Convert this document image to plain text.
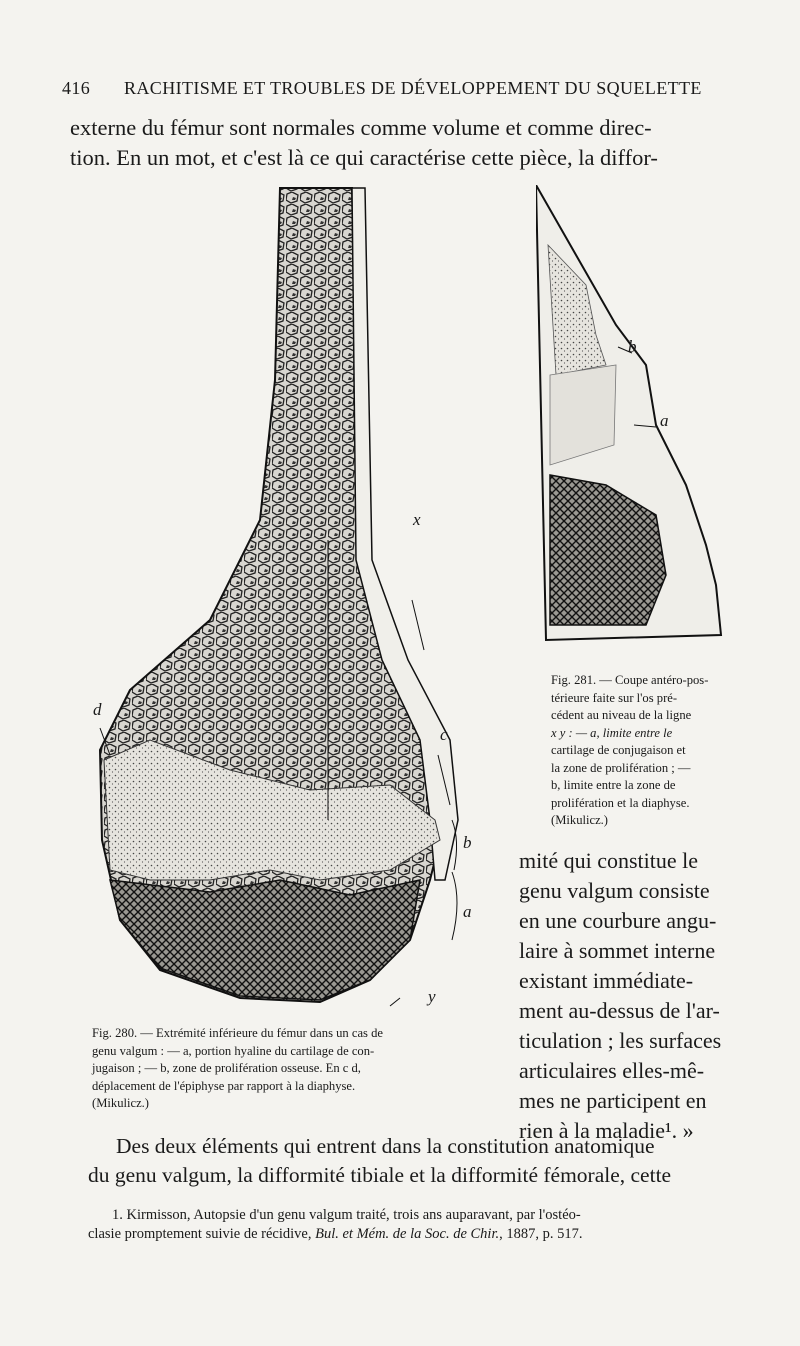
416 RACHITISME ET TROUBLES DE DÉVELOPPEMENT DU SQUELETTE
externe du fémur sont normales comme volume et comme direc-
tion. En un mot, et c'est là ce qui caractérise cette pièce, la diffor-
d
c
b
a
x
y
b
a
Fig. 281. — Coupe antéro-pos-
térieure faite sur l'os pré-
cédent au niveau de la ligne
x y : — a, limite entre le
cartilage de conjugaison et
la zone de prolifération ; —
b, limite entre la zone de
prolifération et la diaphyse.
(Mikulicz.)
mité qui constitue le
genu valgum consiste
en une courbure angu-
laire à sommet interne
existant immédiate-
ment au-dessus de l'ar-
ticulation ; les surfaces
articulaires elles-mê-
mes ne participent en
rien à la maladie¹. »
Fig. 280. — Extrémité inférieure du fémur dans un cas de
genu valgum : — a, portion hyaline du cartilage de con-
jugaison ; — b, zone de prolifération osseuse. En c d,
déplacement de l'épiphyse par rapport à la diaphyse.
(Mikulicz.)
Des deux éléments qui entrent dans la constitution anatomique
du genu valgum, la difformité tibiale et la difformité fémorale, cette
1. Kirmisson, Autopsie d'un genu valgum traité, trois ans auparavant, par l'ostéo-
clasie promptement suivie de récidive, Bul. et Mém. de la Soc. de Chir., 1887, p. 517.
